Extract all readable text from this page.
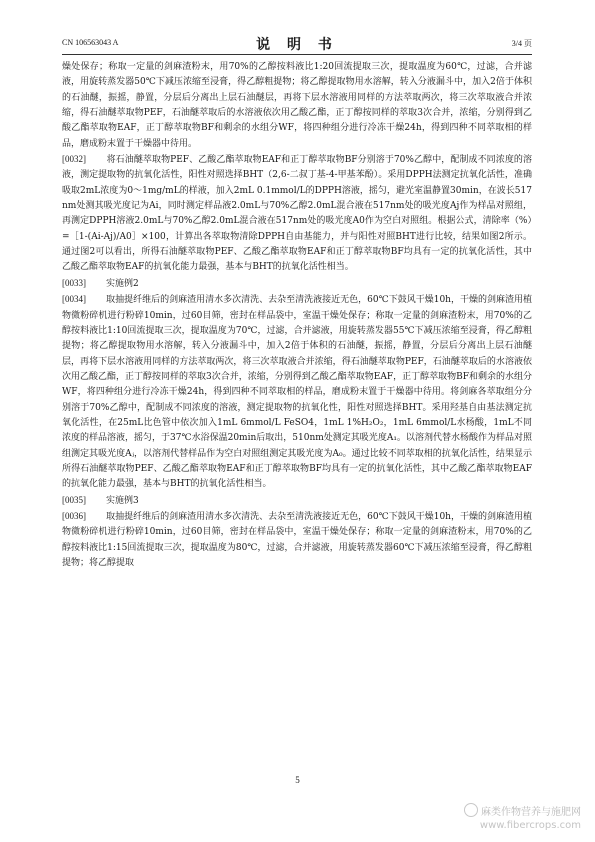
CN 106563043 A	说 明 书	3/4 页

燥处保存；称取一定量的剑麻渣粉末，用70%的乙醇按料液比1:20回流提取三次，提取温度为60℃，过滤，合并滤液，用旋转蒸发器50℃下减压浓缩至浸膏，得乙醇粗提物；将乙醇提取物用水溶解，转入分液漏斗中，加入2倍于体积的石油醚，振摇，静置，分层后分离出上层石油醚层，再将下层水溶液用同样的方法萃取两次，将三次萃取液合并浓缩，得石油醚萃取物PEF，石油醚萃取后的水溶液依次用乙酸乙酯，正丁醇按同样的萃取3次合并，浓缩，分别得到乙酸乙酯萃取物EAF，正丁醇萃取物BF和剩余的水组分WF，将四种组分进行冷冻干燥24h，得到四种不同萃取相的样品，磨成粉末置于干燥器中待用。

[0032] 将石油醚萃取物PEF、乙酸乙酯萃取物EAF和正丁醇萃取物BF分别溶于70%乙醇中，配制成不同浓度的溶液，测定提取物的抗氧化活性，阳性对照选择BHT（2,6-二叔丁基-4-甲基苯酚）。采用DPPH法测定抗氧化活性，准确吸取2mL浓度为0～1mg/mL的样液，加入2mL 0.1mmol/L的DPPH溶液，摇匀，避光室温静置30min，在波长517nm处测其吸光度记为Ai，同时测定样品液2.0mL与70%乙醇2.0mL混合液在517nm处的吸光度Aj作为样品对照组，再测定DPPH溶液2.0mL与70%乙醇2.0mL混合液在517nm处的吸光度A0作为空白对照组。根据公式，清除率（%）=［1-(Ai-Aj)/A0］×100，计算出各萃取物清除DPPH自由基能力，并与阳性对照BHT进行比较，结果如图2所示。通过图2可以看出，所得石油醚萃取物PEF、乙酸乙酯萃取物EAF和正丁醇萃取物BF均具有一定的抗氧化活性，其中乙酸乙酯萃取物EAF的抗氧化能力最强，基本与BHT的抗氧化活性相当。

[0033] 实施例2

[0034] 取抽提纤维后的剑麻渣用清水多次清洗、去杂至清洗液接近无色，60℃下鼓风干燥10h，干燥的剑麻渣用植物微粉碎机进行粉碎10min，过60目筛，密封在样品袋中，室温干燥处保存；称取一定量的剑麻渣粉末，用70%的乙醇按料液比1:10回流提取三次，提取温度为70℃，过滤，合并滤液，用旋转蒸发器55℃下减压浓缩至浸膏，得乙醇粗提物；将乙醇提取物用水溶解，转入分液漏斗中，加入2倍于体积的石油醚，振摇，静置，分层后分离出上层石油醚层，再将下层水溶液用同样的方法萃取两次，将三次萃取液合并浓缩，得石油醚萃取物PEF，石油醚萃取后的水溶液依次用乙酸乙酯，正丁醇按同样的萃取3次合并，浓缩，分别得到乙酸乙酯萃取物EAF，正丁醇萃取物BF和剩余的水组分WF，将四种组分进行冷冻干燥24h，得到四种不同萃取相的样品，磨成粉末置于干燥器中待用。将剑麻各萃取组分分别溶于70%乙醇中，配制成不同浓度的溶液，测定提取物的抗氧化性，阳性对照选择BHT。采用羟基自由基法测定抗氧化活性，在25mL比色管中依次加入1mL 6mmol/L FeSO4，1mL 1%H₂O₂，1mL 6mmol/L水杨酸，1mL不同浓度的样品溶液，摇匀，于37℃水浴保温20min后取出，510nm处测定其吸光度A₁。以溶剂代替水杨酸作为样品对照组测定其吸光度Aⱼ，以溶剂代替样品作为空白对照组测定其吸光度为A₀。通过比较不同萃取相的抗氧化活性，结果显示所得石油醚萃取物PEF、乙酸乙酯萃取物EAF和正丁醇萃取物BF均具有一定的抗氧化活性，其中乙酸乙酯萃取物EAF的抗氧化能力最强，基本与BHT的抗氧化活性相当。

[0035] 实施例3

[0036] 取抽提纤维后的剑麻渣用清水多次清洗、去杂至清洗液接近无色，60℃下鼓风干燥10h，干燥的剑麻渣用植物微粉碎机进行粉碎10min，过60目筛，密封在样品袋中，室温干燥处保存；称取一定量的剑麻渣粉末，用70%的乙醇按料液比1:15回流提取三次，提取温度为80℃，过滤，合并滤液，用旋转蒸发器60℃下减压浓缩至浸膏，得乙醇粗提物；将乙醇提取

5
麻类作物营养与施肥网
www.fibercrops.com
